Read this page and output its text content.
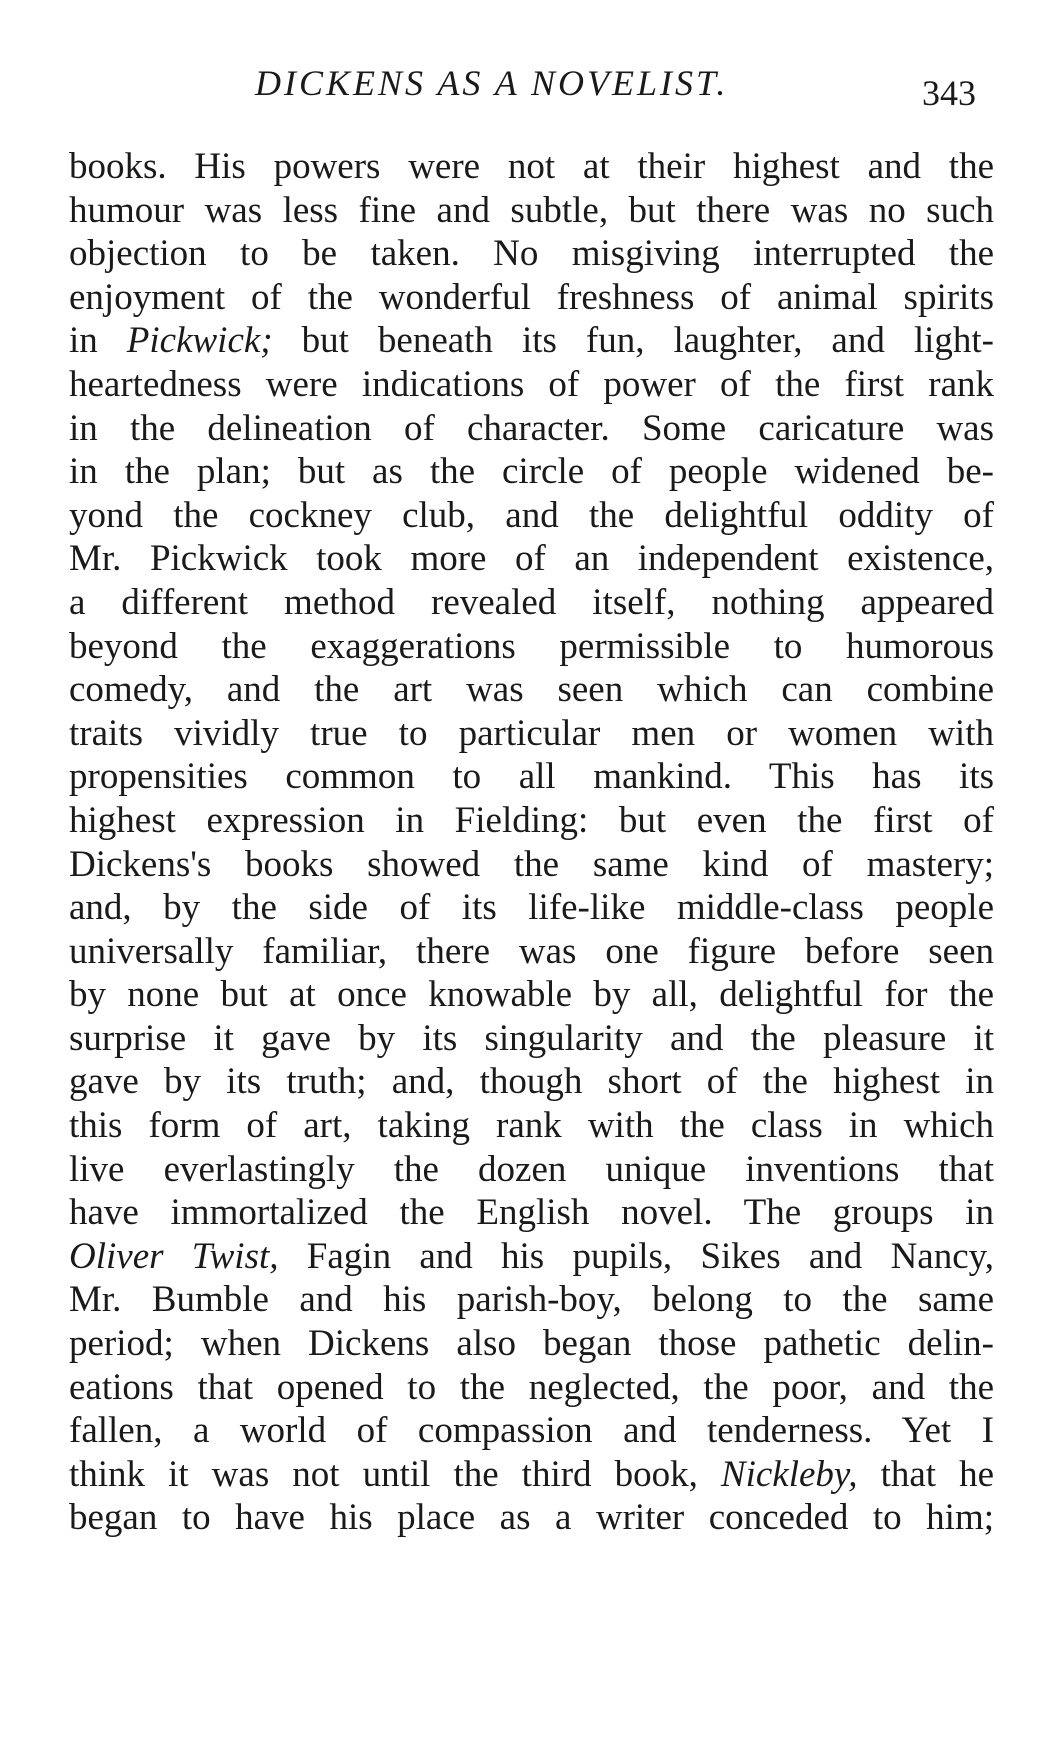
DICKENS AS A NOVELIST.	343
books. His powers were not at their highest and the
humour was less fine and subtle, but there was no such
objection to be taken. No misgiving interrupted the
enjoyment of the wonderful freshness of animal spirits
in Pickwick; but beneath its fun, laughter, and light-
heartedness were indications of power of the first rank
in the delineation of character. Some caricature was
in the plan; but as the circle of people widened be-
yond the cockney club, and the delightful oddity of
Mr. Pickwick took more of an independent existence,
a different method revealed itself, nothing appeared
beyond the exaggerations permissible to humorous
comedy, and the art was seen which can combine
traits vividly true to particular men or women with
propensities common to all mankind. This has its
highest expression in Fielding: but even the first of
Dickens's books showed the same kind of mastery;
and, by the side of its life-like middle-class people
universally familiar, there was one figure before seen
by none but at once knowable by all, delightful for the
surprise it gave by its singularity and the pleasure it
gave by its truth; and, though short of the highest in
this form of art, taking rank with the class in which
live everlastingly the dozen unique inventions that
have immortalized the English novel. The groups in
Oliver Twist, Fagin and his pupils, Sikes and Nancy,
Mr. Bumble and his parish-boy, belong to the same
period; when Dickens also began those pathetic delin-
eations that opened to the neglected, the poor, and the
fallen, a world of compassion and tenderness. Yet I
think it was not until the third book, Nickleby, that he
began to have his place as a writer conceded to him;
